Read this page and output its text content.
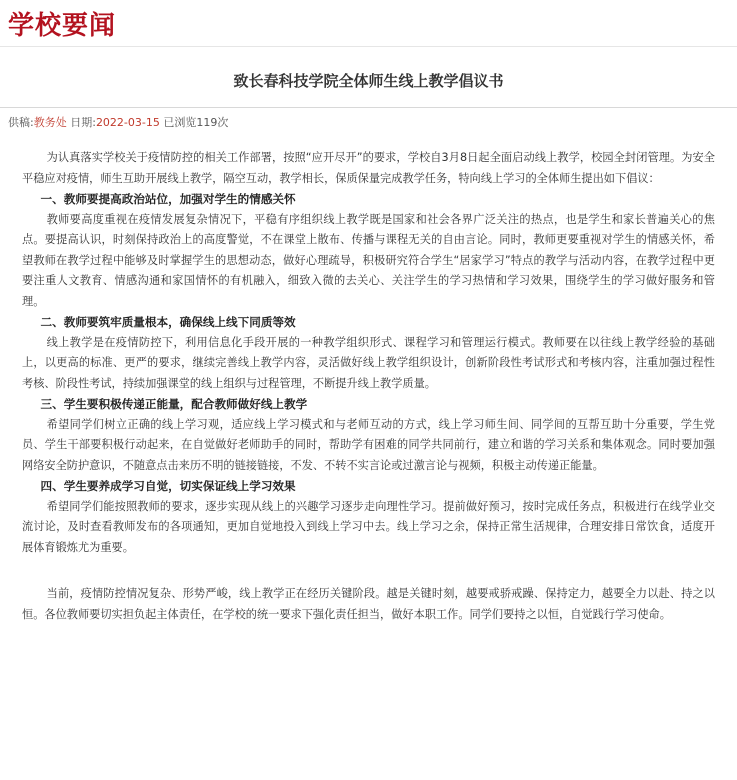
学校要闻
致长春科技学院全体师生线上教学倡议书
供稿:教务处 日期:2022-03-15 已浏览119次

为认真落实学校关于疫情防控的相关工作部署，按照“应开尽开”的要求，学校自3月8日起全面启动线上教学，校园全封闭管理。为安全平稳应对疫情，师生互助开展线上教学，隔空互动，教学相长，保质保量完成教学任务，特向线上学习的全体师生提出如下倡议：

一、教师要提高政治站位，加强对学生的情感关怀

教师要高度重视在疫情发展复杂情况下，平稳有序组织线上教学既是国家和社会各界广泛关注的热点，也是学生和家长普遍关心的焦点。要提高认识，时刻保持政治上的高度警觉，不在课堂上散布、传播与课程无关的自由言论。同时，教师更要重视对学生的情感关怀，希望教师在教学过程中能够及时掌握学生的思想动态，做好心理疏导，积极研究符合学生“居家学习”特点的教学与活动内容，在教学过程中更要注重人文教育、情感沟通和家国情怀的有机融入，细致入微的去关心、关注学生的学习热情和学习效果，围绕学生的学习做好服务和管理。

二、教师要筑牢质量根本，确保线上线下同质等效

线上教学是在疫情防控下，利用信息化手段开展的一种教学组织形式、课程学习和管理运行模式。教师要在以往线上教学经验的基础上，以更高的标准、更严的要求，继续完善线上教学内容，灵活做好线上教学组织设计，创新阶段性考试形式和考核内容，注重加强过程性考核、阶段性考试，持续加强课堂的线上组织与过程管理，不断提升线上教学质量。

三、学生要积极传递正能量，配合教师做好线上教学

希望同学们树立正确的线上学习观，适应线上学习模式和与老师互动的方式，线上学习师生间、同学间的互帮互助十分重要，学生党员、学生干部要积极行动起来，在自觉做好老师助手的同时，帮助学有困难的同学共同前行，建立和谐的学习关系和集体观念。同时要加强网络安全防护意识，不随意点击来历不明的链接链接，不发、不转不实言论或过激言论与视频，积极主动传递正能量。

四、学生要养成学习自觉，切实保证线上学习效果

希望同学们能按照教师的要求，逐步实现从线上的兴趣学习逐步走向理性学习。提前做好预习，按时完成任务点，积极进行在线学业交流讨论，及时查看教师发布的各项通知，更加自觉地投入到线上学习中去。线上学习之余，保持正常生活规律，合理安排日常饮食，适度开展体育锻炼尤为重要。

当前，疫情防控情况复杂、形势严峻，线上教学正在经历关键阶段。越是关键时刻，越要戒骄戒躁、保持定力，越要全力以赴、持之以恒。各位教师要切实担负起主体责任，在学校的统一要求下强化责任担当，做好本职工作。同学们要持之以恒，自觉践行学习使命。
